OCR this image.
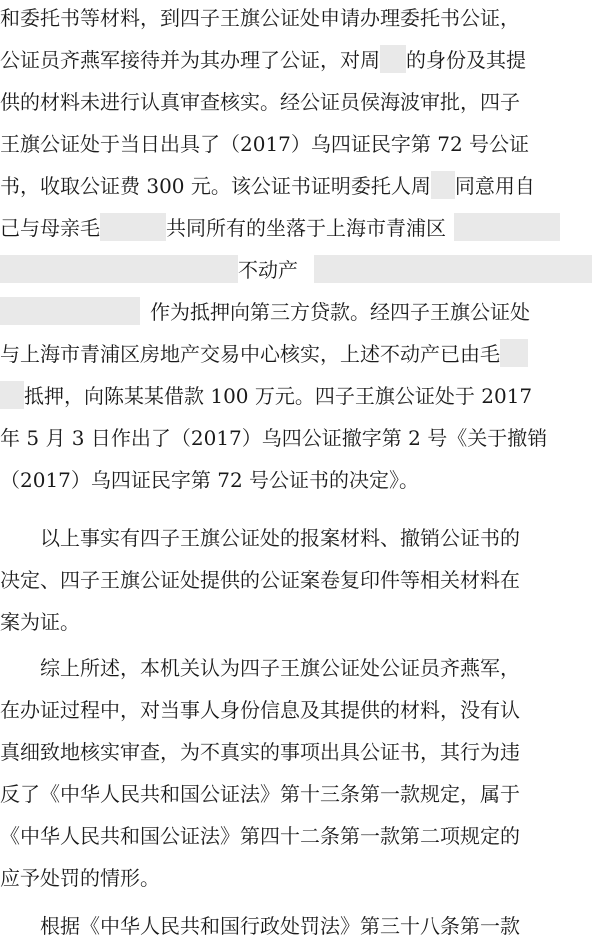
和委托书等材料，到四子王旗公证处申请办理委托书公证，
公证员齐燕军接待并为其办理了公证，对周 的身份及其提
供的材料未进行认真审查核实。经公证员侯海波审批，四子
王旗公证处于当日出具了（2017）乌四证民字第 72 号公证
书，收取公证费 300 元。该公证书证明委托人周 同意用自
己与母亲毛	共同所有的坐落于上海市青浦区
不动产
作为抵押向第三方贷款。经四子王旗公证处
与上海市青浦区房地产交易中心核实，上述不动产已由毛
抵押，向陈某某借款 100 万元。四子王旗公证处于 2017
年 5 月 3 日作出了（2017）乌四公证撤字第 2 号《关于撤销
（2017）乌四证民字第 72 号公证书的决定》。
以上事实有四子王旗公证处的报案材料、撤销公证书的
决定、四子王旗公证处提供的公证案卷复印件等相关材料在
案为证。
综上所述，本机关认为四子王旗公证处公证员齐燕军，
在办证过程中，对当事人身份信息及其提供的材料，没有认
真细致地核实审查，为不真实的事项出具公证书，其行为违
反了《中华人民共和国公证法》第十三条第一款规定，属于
《中华人民共和国公证法》第四十二条第一款第二项规定的
应予处罚的情形。
根据《中华人民共和国行政处罚法》第三十八条第一款
